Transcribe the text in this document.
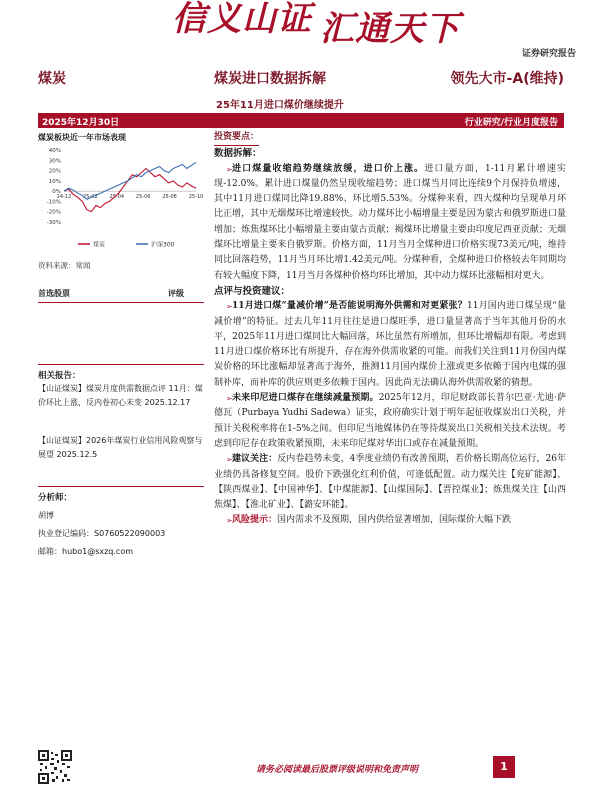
信义山证 汇通天下
证券研究报告
煤炭	煤炭进口数据拆解	领先大市-A(维持)
25年11月进口煤价继续提升
2025年12月30日	行业研究/行业月度报告
煤炭板块近一年市场表现
40%
30%
20%
10%
0%
-10%
-20%
-30%
24-12 25-02 25-04 25-06 25-08 25-10
煤炭	沪深300
资料来源：常闻
首选股票	评级
相关报告：
【山证煤炭】煤炭月度供需数据点评 11月：煤价环比上涨，反内卷初心未变 2025.12.17
【山证煤炭】2026年煤炭行业信用风险观察与展望 2025.12.5
分析师：
胡博
执业登记编码：S0760522090003
邮箱：hubo1@sxzq.com
投资要点：
数据拆解：
➢ 进口煤量收缩趋势继续放缓，进口价上涨。进口量方面，1-11月累计增速实现-12.0%。累计进口煤量仍然呈现收缩趋势；进口煤当月同比连续9个月保持负增速，其中11月进口煤同比降19.88%、环比增5.53%。分煤种来看，四大煤种均呈现单月环比正增，其中无烟煤环比增速较快。动力煤环比小幅增量主要是因为蒙古和俄罗斯进口量增加；炼焦煤环比小幅增量主要由蒙古贡献；褐煤环比增量主要由印度尼西亚贡献；无烟煤环比增量主要来自俄罗斯。价格方面，11月当月全煤种进口价格实现73美元/吨，维持同比回落趋势，11月当月环比增1.42美元/吨。分煤种看，全煤种进口价格较去年同期均有较大幅度下降，11月当月各煤种价格均环比增加，其中动力煤环比涨幅相对更大。
点评与投资建议：
➢ 11月进口煤“量减价增”是否能说明海外供需和对更紧张？11月国内进口煤呈现“量减价增”的特征。过去几年11月往往是进口煤旺季，进口量显著高于当年其他月份的水平，2025年11月进口煤同比大幅回落，环比虽然有所增加，但环比增幅却有限。考虑到11月进口煤价格环比有所提升，存在海外供需收紧的可能。而我们关注到11月份国内煤炭价格的环比涨幅却显著高于海外，推测11月国内煤价上涨或更多依赖于国内电煤的强制补库，而补库的供应则更多依赖于国内。因此尚无法确认海外供需收紧的猜想。
➢ 未来印尼进口煤存在继续减量预期。2025年12月，印尼财政部长普尔巴亚·尤迪·萨德瓦（Purbaya Yudhi Sadewa）证实，政府确实计划于明年起征收煤炭出口关税，并预计关税税率将在1-5%之间。但印尼当地媒体仍在等待煤炭出口关税相关技术法规。考虑到印尼存在政策收紧预期，未来印尼煤对华出口或存在减量预期。
➢ 建议关注：反内卷趋势未变，4季度业绩仍有改善预期，若价格长期高位运行，26年业绩仍具备修复空间。股价下跌强化红利价值，可逢低配置。动力煤关注【兖矿能源】、【陕西煤业】、【中国神华】、【中煤能源】、【山煤国际】、【晋控煤业】；炼焦煤关注【山西焦煤】、【淮北矿业】、【潞安环能】。
➢ 风险提示：国内需求不及预期，国内供给显著增加，国际煤价大幅下跌
请务必阅读最后股票评级说明和免责声明	1
